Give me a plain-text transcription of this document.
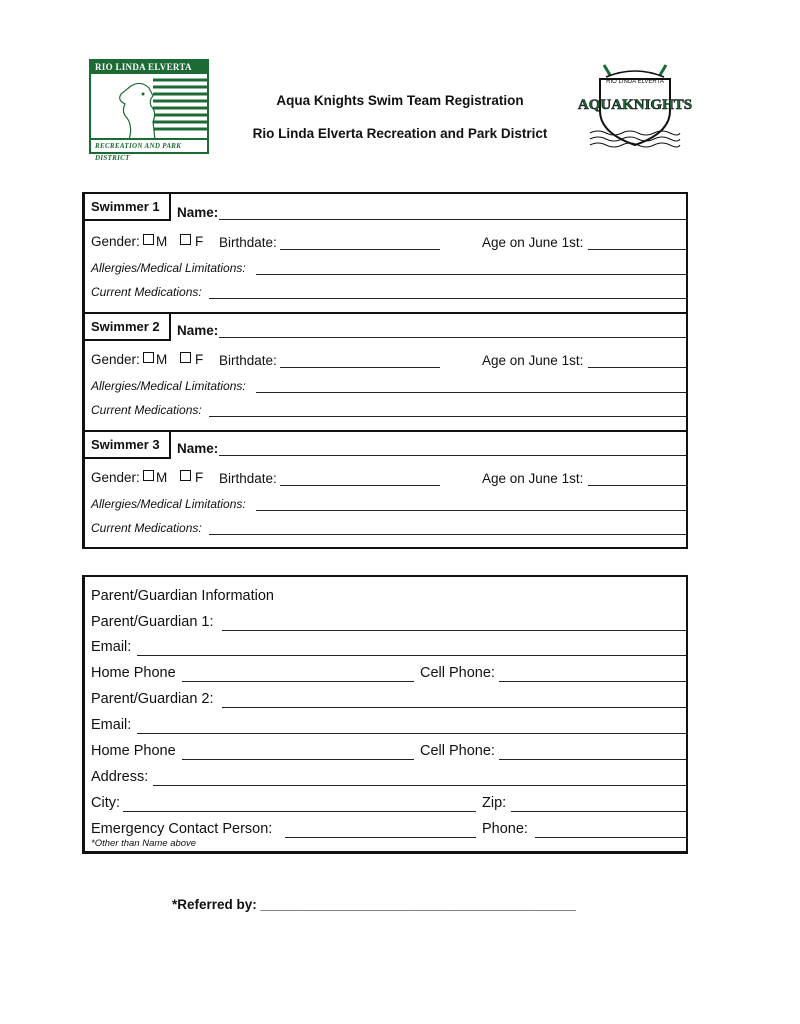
RIO LINDA ELVERTA
RECREATION AND PARK DISTRICT
RIO LINDA ELVERTA
AQUAKNIGHTS
Aqua Knights Swim Team Registration
Rio Linda Elverta Recreation and Park District
Swimmer 1	Name:
Gender: M F Birthdate:	Age on June 1st:
Allergies/Medical Limitations:
Current Medications:
Swimmer 2	Name:
Gender: M F Birthdate:	Age on June 1st:
Allergies/Medical Limitations:
Current Medications:
Swimmer 3	Name:
Gender: M F Birthdate:	Age on June 1st:
Allergies/Medical Limitations:
Current Medications:
Parent/Guardian Information
Parent/Guardian 1:
Email:
Home Phone	Cell Phone:
Parent/Guardian 2:
Email:
Home Phone	Cell Phone:
Address:
City:	Zip:
Emergency Contact Person:	Phone:
*Other than Name above
*Referred by: __________________________________________
